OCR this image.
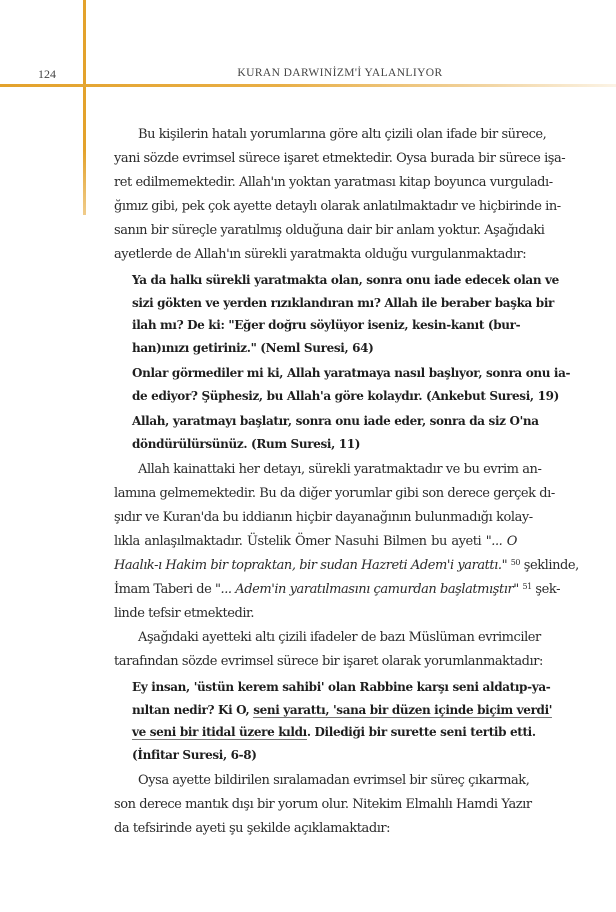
124	KURAN DARWINİZM'İ YALANLIYOR
Bu kişilerin hatalı yorumlarına göre altı çizili olan ifade bir sürece,
yani sözde evrimsel sürece işaret etmektedir. Oysa burada bir sürece işa-
ret edilmemektedir. Allah'ın yoktan yaratması kitap boyunca vurguladı-
ğımız gibi, pek çok ayette detaylı olarak anlatılmaktadır ve hiçbirinde in-
sanın bir süreçle yaratılmış olduğuna dair bir anlam yoktur. Aşağıdaki
ayetlerde de Allah'ın sürekli yaratmakta olduğu vurgulanmaktadır:
Ya da halkı sürekli yaratmakta olan, sonra onu iade edecek olan ve
sizi gökten ve yerden rızıklandıran mı? Allah ile beraber başka bir
ilah mı? De ki: "Eğer doğru söylüyor iseniz, kesin-kanıt (bur-
han)ınızı getiriniz." (Neml Suresi, 64)
Onlar görmediler mi ki, Allah yaratmaya nasıl başlıyor, sonra onu ia-
de ediyor? Şüphesiz, bu Allah'a göre kolaydır. (Ankebut Suresi, 19)
Allah, yaratmayı başlatır, sonra onu iade eder, sonra da siz O'na
döndürülürsünüz. (Rum Suresi, 11)
Allah kainattaki her detayı, sürekli yaratmaktadır ve bu evrim an-
lamına gelmemektedir. Bu da diğer yorumlar gibi son derece gerçek dı-
şıdır ve Kuran'da bu iddianın hiçbir dayanağının bulunmadığı kolay-
lıkla anlaşılmaktadır. Üstelik Ömer Nasuhi Bilmen bu ayeti "... O
Haalık-ı Hakim bir topraktan, bir sudan Hazreti Adem'i yarattı." $^{50}$ şeklinde,
İmam Taberi de "... Adem'in yaratılmasını çamurdan başlatmıştır" $^{51}$ şek-
linde tefsir etmektedir.
Aşağıdaki ayetteki altı çizili ifadeler de bazı Müslüman evrimciler
tarafından sözde evrimsel sürece bir işaret olarak yorumlanmaktadır:
Ey insan, 'üstün kerem sahibi' olan Rabbine karşı seni aldatıp-ya-
nıltan nedir? Ki O, seni yarattı, 'sana bir düzen içinde biçim verdi'
ve seni bir itidal üzere kıldı. Dilediği bir surette seni tertib etti.
(İnfitar Suresi, 6-8)
Oysa ayette bildirilen sıralamadan evrimsel bir süreç çıkarmak,
son derece mantık dışı bir yorum olur. Nitekim Elmalılı Hamdi Yazır
da tefsirinde ayeti şu şekilde açıklamaktadır:
